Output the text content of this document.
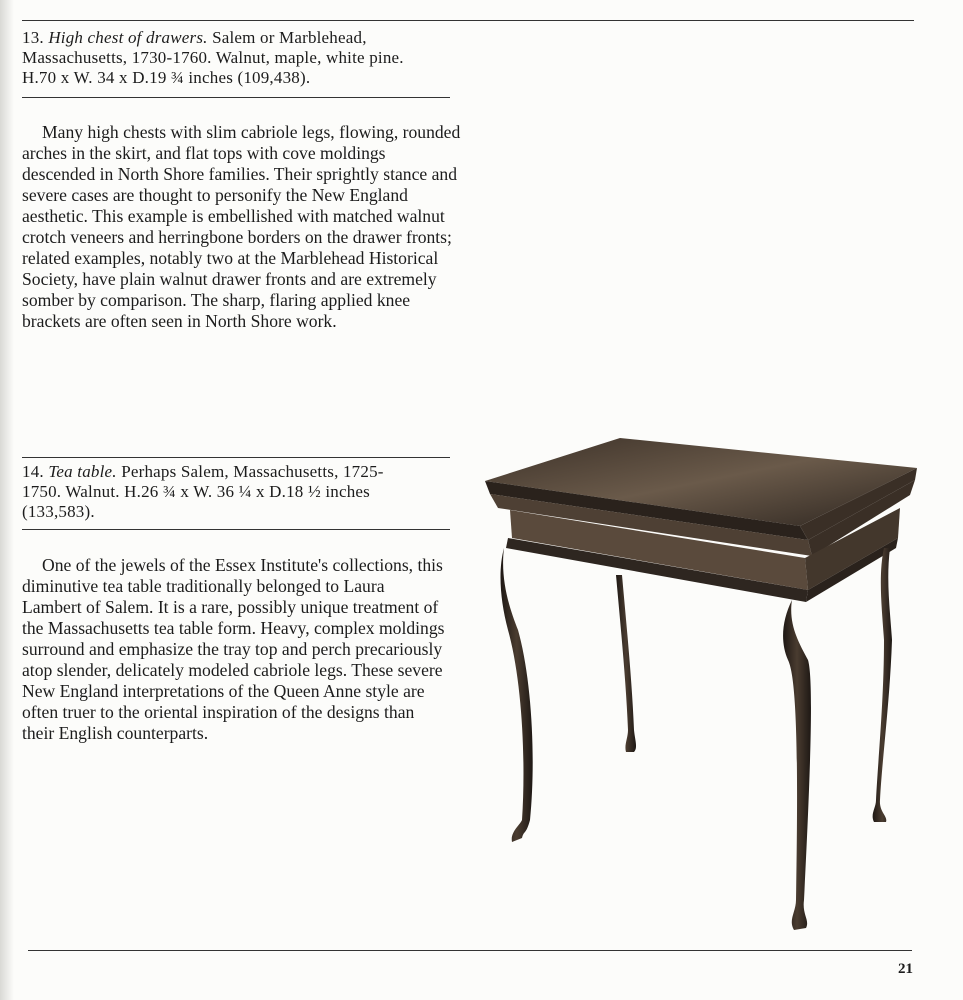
13. High chest of drawers. Salem or Marblehead, Massachusetts, 1730-1760. Walnut, maple, white pine. H.70 x W. 34 x D.19 ¾ inches (109,438).

Many high chests with slim cabriole legs, flowing, rounded arches in the skirt, and flat tops with cove moldings descended in North Shore families. Their sprightly stance and severe cases are thought to personify the New England aesthetic. This example is embellished with matched walnut crotch veneers and herringbone borders on the drawer fronts; related examples, notably two at the Marblehead Historical Society, have plain walnut drawer fronts and are extremely somber by comparison. The sharp, flaring applied knee brackets are often seen in North Shore work.

14. Tea table. Perhaps Salem, Massachusetts, 1725-1750. Walnut. H.26 ¾ x W. 36 ¼ x D.18 ½ inches (133,583).

One of the jewels of the Essex Institute's collections, this diminutive tea table traditionally belonged to Laura Lambert of Salem. It is a rare, possibly unique treatment of the Massachusetts tea table form. Heavy, complex moldings surround and emphasize the tray top and perch precariously atop slender, delicately modeled cabriole legs. These severe New England interpretations of the Queen Anne style are often truer to the oriental inspiration of the designs than their English counterparts.

21
